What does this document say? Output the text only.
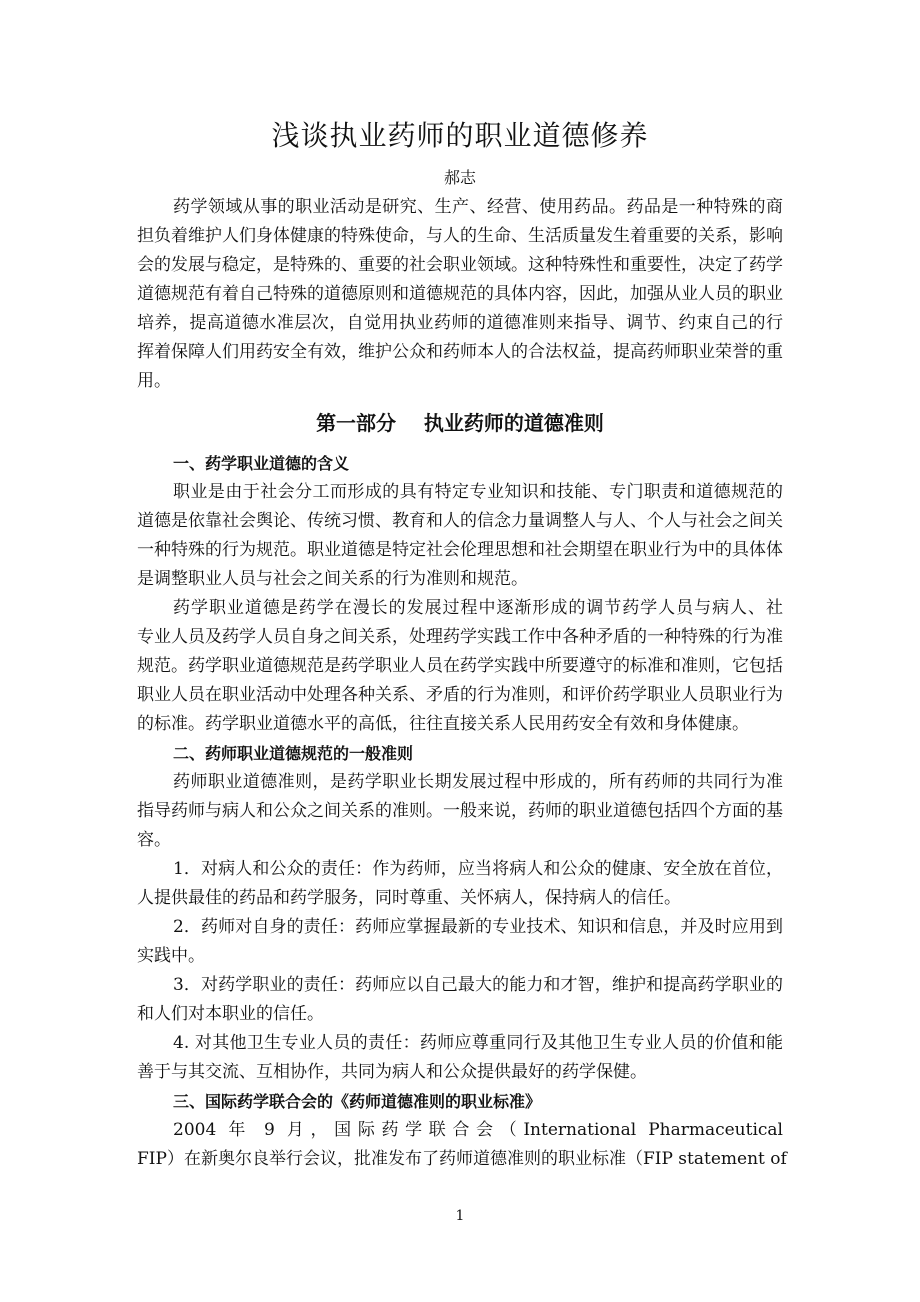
浅谈执业药师的职业道德修养
郝志
药学领域从事的职业活动是研究、生产、经营、使用药品。药品是一种特殊的商
担负着维护人们身体健康的特殊使命，与人的生命、生活质量发生着重要的关系，影响
会的发展与稳定，是特殊的、重要的社会职业领域。这种特殊性和重要性，决定了药学
道德规范有着自己特殊的道德原则和道德规范的具体内容，因此，加强从业人员的职业
培养，提高道德水准层次，自觉用执业药师的道德准则来指导、调节、约束自己的行
挥着保障人们用药安全有效，维护公众和药师本人的合法权益，提高药师职业荣誉的重
用。
第一部分    执业药师的道德准则
一、药学职业道德的含义
职业是由于社会分工而形成的具有特定专业知识和技能、专门职责和道德规范的
道德是依靠社会舆论、传统习惯、教育和人的信念力量调整人与人、个人与社会之间关
一种特殊的行为规范。职业道德是特定社会伦理思想和社会期望在职业行为中的具体体
是调整职业人员与社会之间关系的行为准则和规范。
药学职业道德是药学在漫长的发展过程中逐渐形成的调节药学人员与病人、社
专业人员及药学人员自身之间关系，处理药学实践工作中各种矛盾的一种特殊的行为准
规范。药学职业道德规范是药学职业人员在药学实践中所要遵守的标准和准则，它包括
职业人员在职业活动中处理各种关系、矛盾的行为准则，和评价药学职业人员职业行为
的标准。药学职业道德水平的高低，往往直接关系人民用药安全有效和身体健康。
二、药师职业道德规范的一般准则
药师职业道德准则，是药学职业长期发展过程中形成的，所有药师的共同行为准
指导药师与病人和公众之间关系的准则。一般来说，药师的职业道德包括四个方面的基
容。
1．对病人和公众的责任：作为药师，应当将病人和公众的健康、安全放在首位，
人提供最佳的药品和药学服务，同时尊重、关怀病人，保持病人的信任。
2．药师对自身的责任：药师应掌握最新的专业技术、知识和信息，并及时应用到
实践中。
3．对药学职业的责任：药师应以自己最大的能力和才智，维护和提高药学职业的
和人们对本职业的信任。
4. 对其他卫生专业人员的责任：药师应尊重同行及其他卫生专业人员的价值和能
善于与其交流、互相协作，共同为病人和公众提供最好的药学保健。
三、国际药学联合会的《药师道德准则的职业标准》
2004 年 9 月，国际药学联合会（International Pharmaceutical
FIP）在新奥尔良举行会议，批准发布了药师道德准则的职业标准（FIP statement of
1
